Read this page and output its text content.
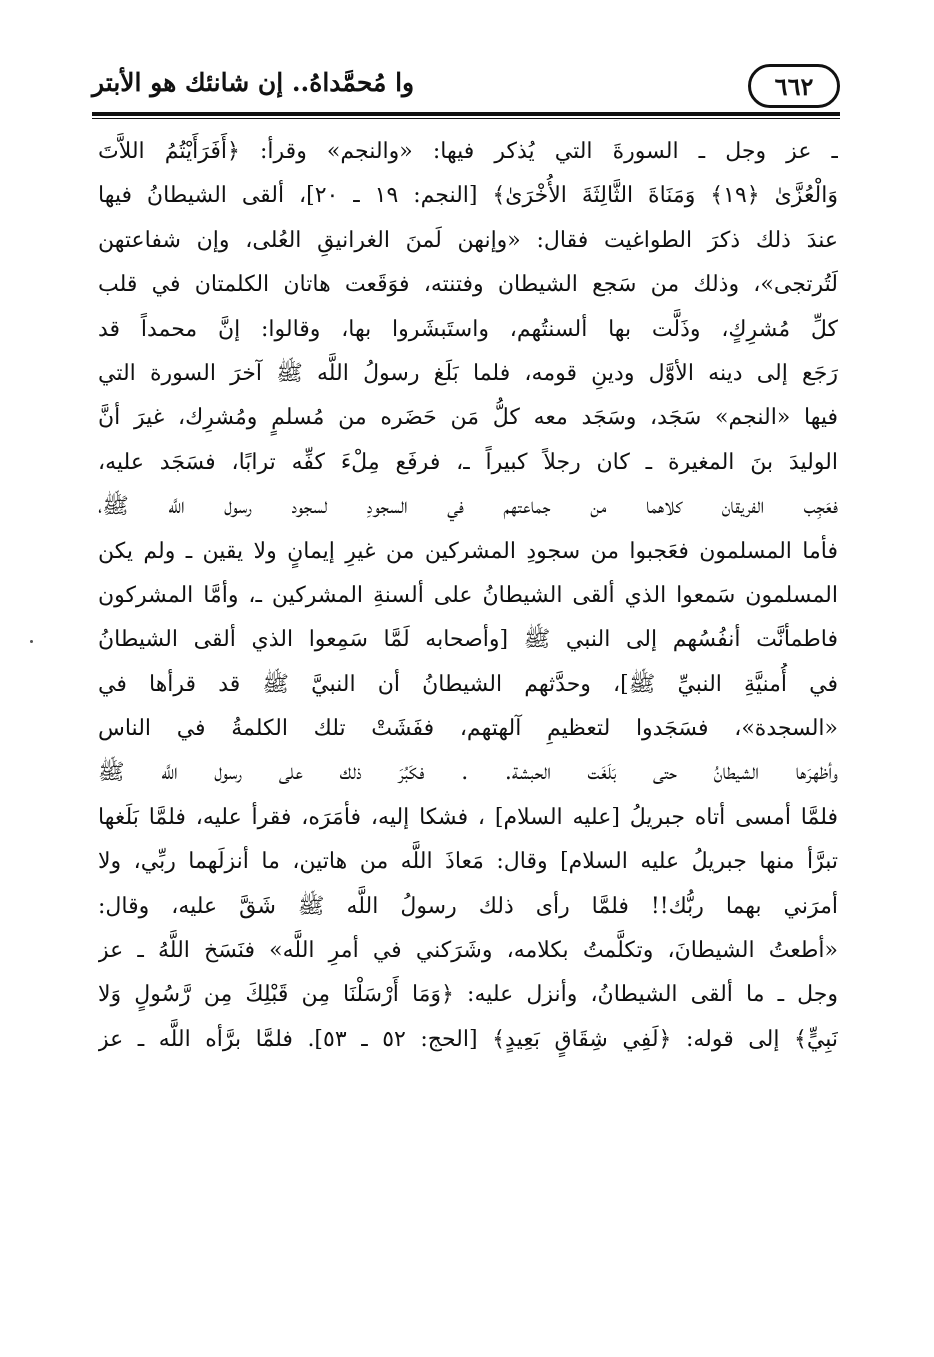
٦٦٢
وا مُحمَّداهُ.. إن شانئك هو الأبتر
ـ عز وجل ـ السورةَ التي يُذكر فيها: «والنجم» وقرأ: ﴿أَفَرَأَيْتُمُ اللاَّتَ
وَالْعُزَّىٰ ﴿١٩﴾ وَمَنَاةَ الثَّالِثَةَ الأُخْرَىٰ﴾ [النجم: ١٩ ـ ٢٠]، ألقى الشيطانُ فيها
عندَ ذلك ذكرَ الطواغيت فقال: «وإنهن لَمنَ الغرانيقِ العُلى، وإن شفاعتهن
لَتُرتجى»، وذلك من سَجع الشيطان وفتنته، فوَقَعت هاتان الكلمتان في قلب
كلِّ مُشرِكٍ، وذَلَّت بها ألسنتُهم، واستَبشَروا بها، وقالوا: إنَّ محمداً قد
رَجَع إلى دينه الأوَّل ودينِ قومه، فلما بَلَغ رسولُ اللَّه ﷺ آخرَ السورة التي
فيها «النجم» سَجَد، وسَجَد معه كلُّ مَن حَضَره من مُسلمٍ ومُشرِك، غيرَ أنَّ
الوليدَ بنَ المغيرة ـ كان رجلاً كبيراً ـ، فرفَع مِلْءَ كفِّه ترابًا، فسَجَد عليه،
فعَجِب الفريقان كلاهما من جماعتهم في السجودِ لسجود رسول اللَّه ﷺ،
فأما المسلمون فعَجبوا من سجودِ المشركين من غيرِ إيمانٍ ولا يقين ـ ولم يكن
المسلمون سَمعوا الذي ألقى الشيطانُ على ألسنةِ المشركين ـ، وأمَّا المشركون
فاطمأنَّت أنفُسُهم إلى النبي ﷺ [وأصحابه لَمَّا سَمِعوا الذي ألقى الشيطانُ
في أُمنيَّةِ النبيِّ ﷺ]، وحدَّثهم الشيطانُ أن النبيَّ ﷺ قد قرأها في
«السجدة»، فسَجَدوا لتعظيمِ آلهتهم، ففَشَتْ تلك الكلمةُ في الناس
وأظهرَها الشيطانُ حتى بَلَغَت الحبشة. . فكَبُرَ ذلك على رسول اللَّه ﷺ
فلمَّا أمسى أتاه جبريلُ [عليه السلام] ، فشكا إليه، فأمَرَه، فقرأ عليه، فلمَّا بَلَغها
تبرَّأ منها جبريلُ عليه السلام] وقال: مَعاذَ اللَّه من هاتين، ما أنزلَهما ربِّي، ولا
أمرَني بهما ربُّك!! فلمَّا رأى ذلك رسولُ اللَّه ﷺ شَقَّ عليه، وقال:
«أطعتُ الشيطانَ، وتكلَّمتُ بكلامه، وشَرَكني في أمرِ اللَّه» فنَسَخ اللَّهُ ـ عز
وجل ـ ما ألقى الشيطانُ، وأنزل عليه: ﴿وَمَا أَرْسَلْنَا مِن قَبْلِكَ مِن رَّسُولٍ وَلا
نَبِيٍّ﴾ إلى قوله: ﴿لَفِي شِقَاقٍ بَعِيدٍ﴾ [الحج: ٥٢ ـ ٥٣]. فلمَّا برَّأه اللَّه ـ عز
